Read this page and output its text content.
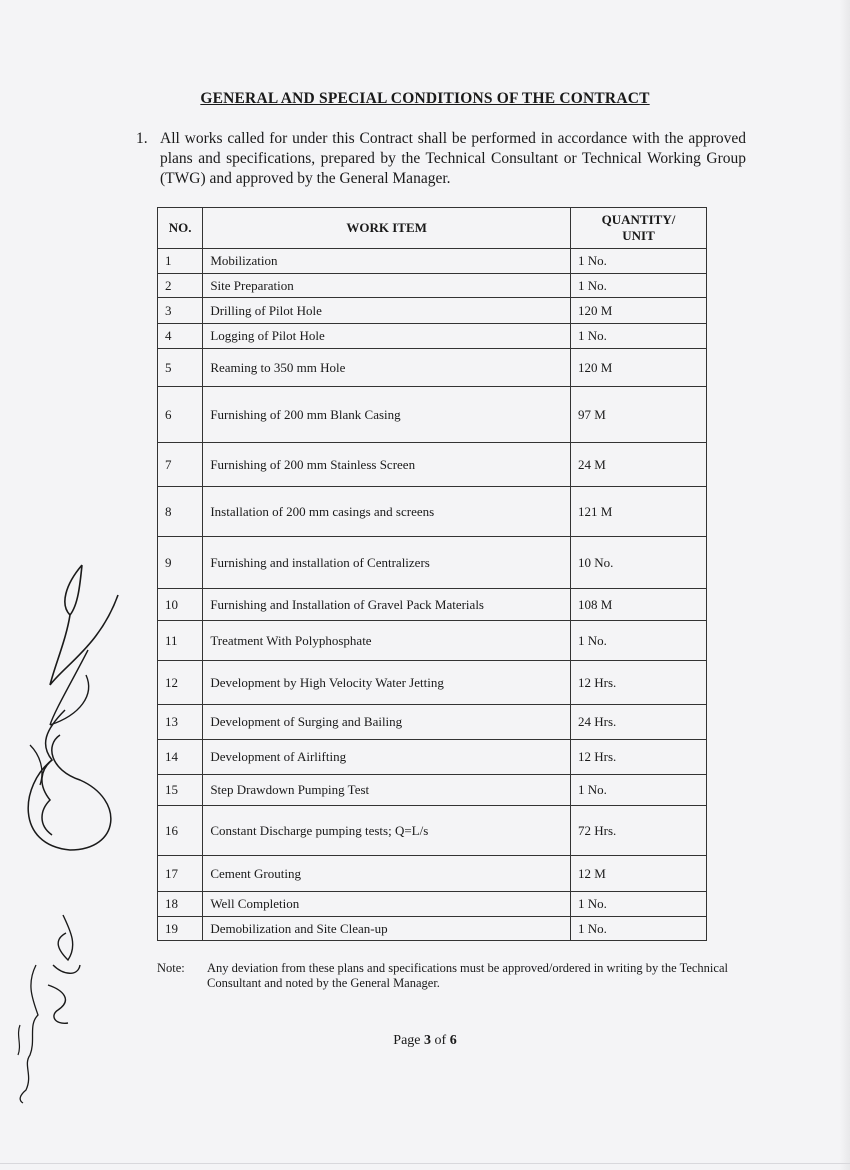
GENERAL AND SPECIAL CONDITIONS OF THE CONTRACT
1. All works called for under this Contract shall be performed in accordance with the approved plans and specifications, prepared by the Technical Consultant or Technical Working Group (TWG) and approved by the General Manager.
NO.	WORK ITEM	QUANTITY/
UNIT

1	Mobilization	1 No.
2	Site Preparation	1 No.
3	Drilling of Pilot Hole	120 M
4	Logging of Pilot Hole	1 No.
5	Reaming to 350 mm Hole	120 M
6	Furnishing of 200 mm Blank Casing	97 M
7	Furnishing of 200 mm Stainless Screen	24 M
8	Installation of 200 mm casings and screens	121 M
9	Furnishing and installation of Centralizers	10 No.
10	Furnishing and Installation of Gravel Pack Materials	108 M
11	Treatment With Polyphosphate	1 No.
12	Development by High Velocity Water Jetting	12 Hrs.
13	Development of Surging and Bailing	24 Hrs.
14	Development of Airlifting	12 Hrs.
15	Step Drawdown Pumping Test	1 No.
16	Constant Discharge pumping tests; Q=L/s	72 Hrs.
17	Cement Grouting	12 M
18	Well Completion	1 No.
19	Demobilization and Site Clean-up	1 No.
Note: Any deviation from these plans and specifications must be approved/ordered in writing by the Technical Consultant and noted by the General Manager.
Page 3 of 6
